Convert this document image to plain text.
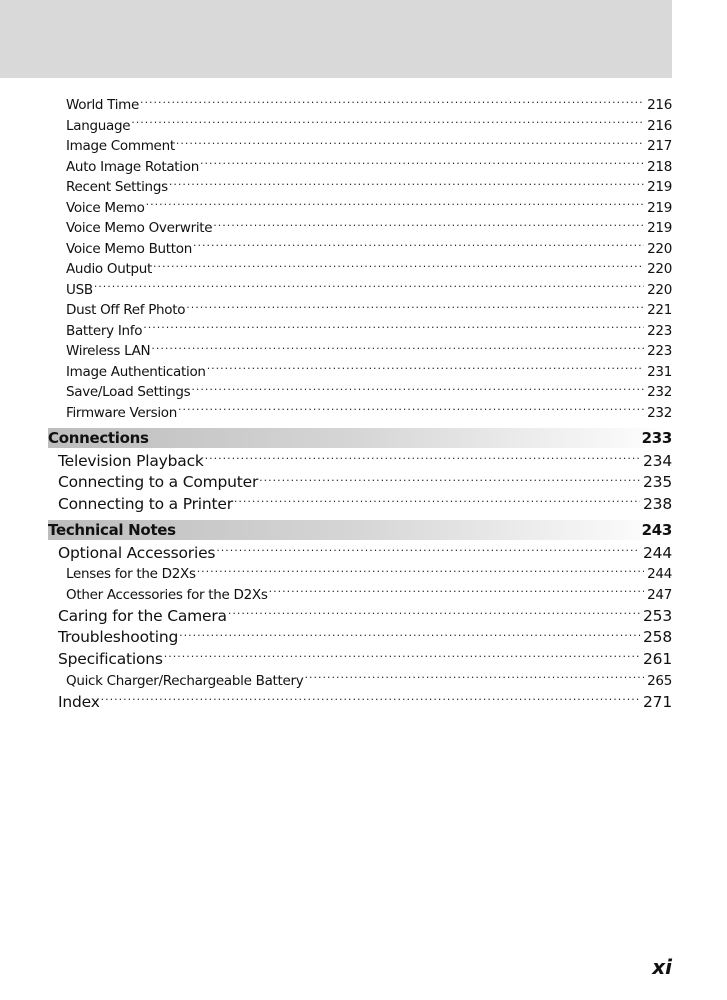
World Time .....	216
Language .....	216
Image Comment .....	217
Auto Image Rotation .....	218
Recent Settings .....	219
Voice Memo .....	219
Voice Memo Overwrite .....	219
Voice Memo Button .....	220
Audio Output .....	220
USB .....	220
Dust Off Ref Photo .....	221
Battery Info .....	223
Wireless LAN .....	223
Image Authentication .....	231
Save/Load Settings .....	232
Firmware Version .....	232
Connections	233
Television Playback .....	234
Connecting to a Computer .....	235
Connecting to a Printer .....	238
Technical Notes	243
Optional Accessories .....	244
Lenses for the D2Xs .....	244
Other Accessories for the D2Xs .....	247
Caring for the Camera .....	253
Troubleshooting .....	258
Specifications .....	261
Quick Charger/Rechargeable Battery .....	265
Index .....	271
xi
